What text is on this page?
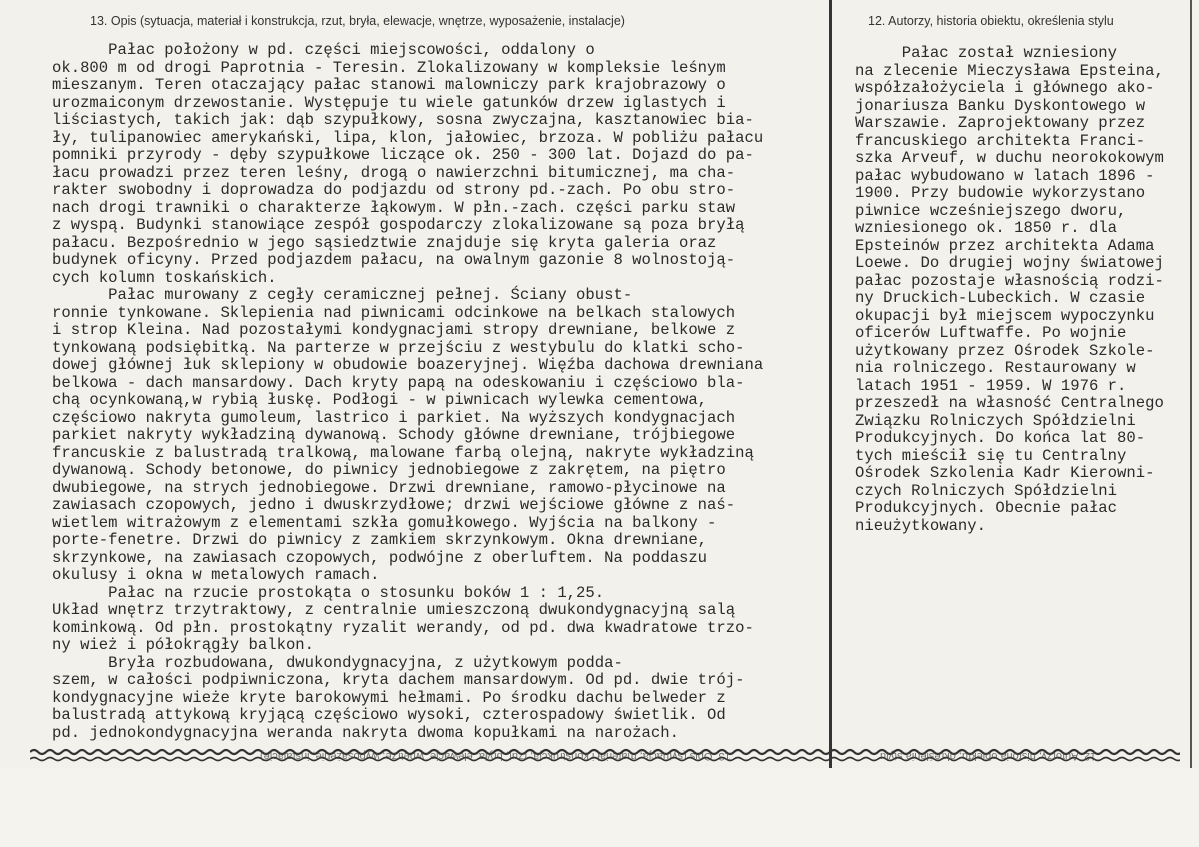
13. Opis (sytuacja, materiał i konstrukcja, rzut, bryła, elewacje, wnętrze, wyposażenie, instalacje)	12. Autorzy, historia obiektu, określenia stylu
Pałac położony w pd. części miejscowości, oddalony o
ok.800 m od drogi Paprotnia - Teresin. Zlokalizowany w kompleksie leśnym
mieszanym. Teren otaczający pałac stanowi malowniczy park krajobrazowy o
urozmaiconym drzewostanie. Występuje tu wiele gatunków drzew iglastych i
liściastych, takich jak: dąb szypułkowy, sosna zwyczajna, kasztanowiec bia-
ły, tulipanowiec amerykański, lipa, klon, jałowiec, brzoza. W pobliżu pałacu
pomniki przyrody - dęby szypułkowe liczące ok. 250 - 300 lat. Dojazd do pa-
łacu prowadzi przez teren leśny, drogą o nawierzchni bitumicznej, ma cha-
rakter swobodny i doprowadza do podjazdu od strony pd.-zach. Po obu stro-
nach drogi trawniki o charakterze łąkowym. W płn.-zach. części parku staw
z wyspą. Budynki stanowiące zespół gospodarczy zlokalizowane są poza bryłą
pałacu. Bezpośrednio w jego sąsiedztwie znajduje się kryta galeria oraz
budynek oficyny. Przed podjazdem pałacu, na owalnym gazonie 8 wolnostoją-
cych kolumn toskańskich.
Pałac murowany z cegły ceramicznej pełnej. Ściany obust-
ronnie tynkowane. Sklepienia nad piwnicami odcinkowe na belkach stalowych
i strop Kleina. Nad pozostałymi kondygnacjami stropy drewniane, belkowe z
tynkowaną podsiębitką. Na parterze w przejściu z westybulu do klatki scho-
dowej głównej łuk sklepiony w obudowie boazeryjnej. Więźba dachowa drewniana
belkowa - dach mansardowy. Dach kryty papą na odeskowaniu i częściowo bla-
chą ocynkowaną,w rybią łuskę. Podłogi - w piwnicach wylewka cementowa,
częściowo nakryta gumoleum, lastrico i parkiet. Na wyższych kondygnacjach
parkiet nakryty wykładziną dywanową. Schody główne drewniane, trójbiegowe
francuskie z balustradą tralkową, malowane farbą olejną, nakryte wykładziną
dywanową. Schody betonowe, do piwnicy jednobiegowe z zakrętem, na piętro
dwubiegowe, na strych jednobiegowe. Drzwi drewniane, ramowo-płycinowe na
zawiasach czopowych, jedno i dwuskrzydłowe; drzwi wejściowe główne z naś-
wietlem witrażowym z elementami szkła gomułkowego. Wyjścia na balkony -
porte-fenetre. Drzwi do piwnicy z zamkiem skrzynkowym. Okna drewniane,
skrzynkowe, na zawiasach czopowych, podwójne z oberluftem. Na poddaszu
okulusy i okna w metalowych ramach.
Pałac na rzucie prostokąta o stosunku boków 1 : 1,25.
Układ wnętrz trzytraktowy, z centralnie umieszczoną dwukondygnacyjną salą
kominkową. Od płn. prostokątny ryzalit werandy, od pd. dwa kwadratowe trzo-
ny wież i półokrągły balkon.
Bryła rozbudowana, dwukondygnacyjna, z użytkowym podda-
szem, w całości podpiwniczona, kryta dachem mansardowym. Od pd. dwie trój-
kondygnacyjne wieże kryte barokowymi hełmami. Po środku dachu belweder z
balustradą attykową kryjącą częściowo wysoki, czterospadowy świetlik. Od
pd. jednokondygnacyjna weranda nakryta dwoma kopułkami na narożach.
Pałac został wzniesiony
na zlecenie Mieczysława Epsteina,
współzałożyciela i głównego ako-
jonariusza Banku Dyskontowego w
Warszawie. Zaprojektowany przez
francuskiego architekta Franci-
szka Arveuf, w duchu neorokokowym
pałac wybudowano w latach 1896 -
1900. Przy budowie wykorzystano
piwnice wcześniejszego dworu,
wzniesionego ok. 1850 r. dla
Epsteinów przez architekta Adama
Loewe. Do drugiej wojny światowej
pałac pozostaje własnością rodzi-
ny Druckich-Lubeckich. W czasie
okupacji był miejscem wypoczynku
oficerów Luftwaffe. Po wojnie
użytkowany przez Ośrodek Szkole-
nia rolniczego. Restaurowany w
latach 1951 - 1959. W 1976 r.
przeszedł na własność Centralnego
Związku Rolniczych Spółdzielni
Produkcyjnych. Do końca lat 80-
tych mieścił się tu Centralny
Ośrodek Szkolenia Kadr Kierowni-
czych Rolniczych Spółdzielni
Produkcyjnych. Obecnie pałac
nieużytkowany.
13. Opis (sytuacja, materiał i konstrukcja, rzut, bryła, elewacje, wnętrze, wyposażenie, instalacje)	12. Autorzy, historia obiektu, określenia stylu
